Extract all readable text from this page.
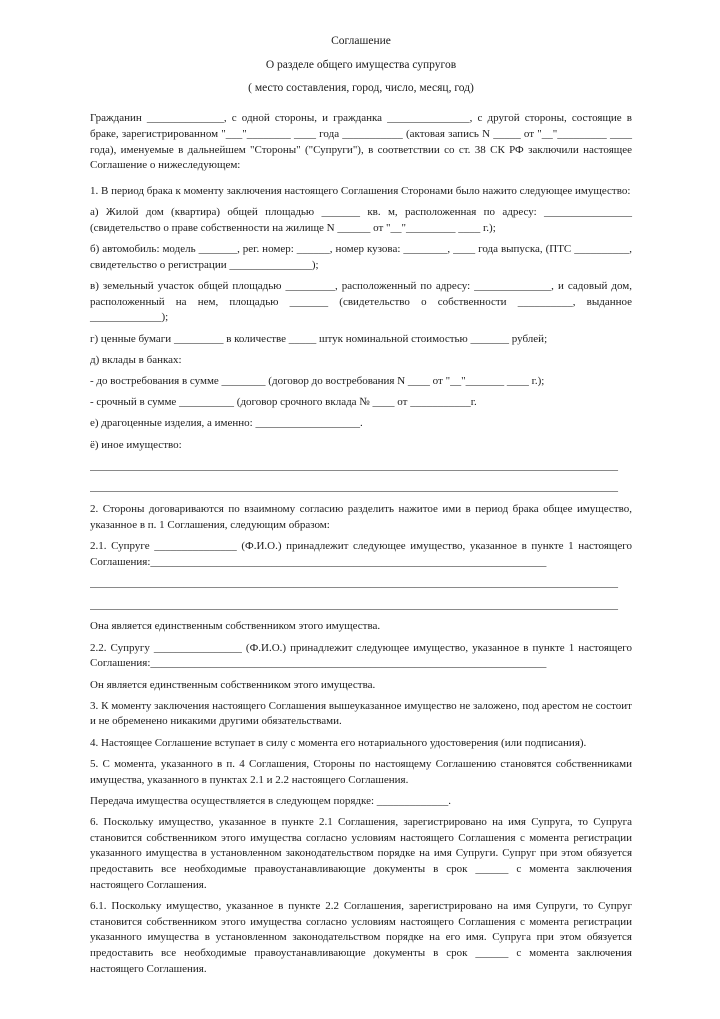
Соглашение

О разделе общего имущества супругов

( место составления, город, число, месяц, год)

Гражданин ______________, с одной стороны, и гражданка _______________, с другой стороны, состоящие в браке, зарегистрированном "___"________ ____ года ___________ (актовая запись N _____ от "__"_________ ____ года), именуемые в дальнейшем "Стороны" ("Супруги"), в соответствии со ст. 38 СК РФ заключили настоящее Соглашение о нижеследующем:

1. В период брака к моменту заключения настоящего Соглашения Сторонами было нажито следующее имущество:

а) Жилой дом (квартира) общей площадью _______ кв. м, расположенная по адресу: ________________ (свидетельство о праве собственности на жилище N ______ от "__"_________ ____ г.);

б) автомобиль: модель _______, рег. номер: ______, номер кузова: ________, ____ года выпуска, (ПТС __________, свидетельство о регистрации _______________);

в) земельный участок общей площадью _________, расположенный по адресу: ______________, и садовый дом, расположенный на нем, площадью _______ (свидетельство о собственности __________, выданное _____________);

г) ценные бумаги _________ в количестве _____ штук номинальной стоимостью _______ рублей;

д) вклады в банках:

- до востребования в сумме ________ (договор до востребования N ____ от "__"_______ ____ г.);

- срочный в сумме __________ (договор срочного вклада № ____ от ___________г.

е) драгоценные изделия, а именно: ___________________.

ё) иное имущество:

________________________________________________________________________________________________

________________________________________________________________________________________________

2. Стороны договариваются по взаимному согласию разделить нажитое ими в период брака общее имущество, указанное в п. 1 Соглашения, следующим образом:

2.1. Супруге _______________ (Ф.И.О.) принадлежит следующее имущество, указанное в пункте 1 настоящего Соглашения:________________________________________________________________________

________________________________________________________________________________________________

________________________________________________________________________________________________

Она является единственным собственником этого имущества.

2.2. Супругу ________________ (Ф.И.О.) принадлежит следующее имущество, указанное в пункте 1 настоящего Соглашения:________________________________________________________________________

Он является единственным собственником этого имущества.

3. К моменту заключения настоящего Соглашения вышеуказанное имущество не заложено, под арестом не состоит и не обременено никакими другими обязательствами.

4. Настоящее Соглашение вступает в силу с момента его нотариального удостоверения (или подписания).

5. С момента, указанного в п. 4 Соглашения, Стороны по настоящему Соглашению становятся собственниками имущества, указанного в пунктах 2.1 и 2.2 настоящего Соглашения.

Передача имущества осуществляется в следующем порядке: _____________.

6. Поскольку имущество, указанное в пункте 2.1 Соглашения, зарегистрировано на имя Супруга, то Супруга становится собственником этого имущества согласно условиям настоящего Соглашения с момента регистрации указанного имущества в установленном законодательством порядке на имя Супруги. Супруг при этом обязуется предоставить все необходимые правоустанавливающие документы в срок ______ с момента заключения настоящего Соглашения.

6.1. Поскольку имущество, указанное в пункте 2.2 Соглашения, зарегистрировано на имя Супруги, то Супруг становится собственником этого имущества согласно условиям настоящего Соглашения с момента регистрации указанного имущества в установленном законодательством порядке на его имя. Супруга при этом обязуется предоставить все необходимые правоустанавливающие документы в срок ______ с момента заключения настоящего Соглашения.
